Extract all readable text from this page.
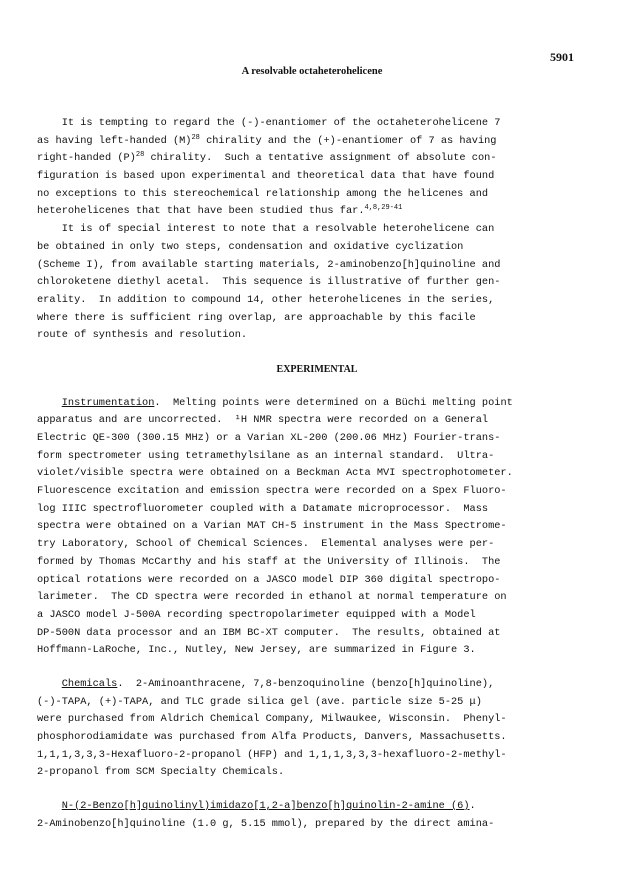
5901
A resolvable octaheterohelicene
It is tempting to regard the (-)-enantiomer of the octaheterohelicene 7
as having left-handed $(M)^{28}$ chirality and the (+)-enantiomer of 7 as having
right-handed $(P)^{28}$ chirality.  Such a tentative assignment of absolute con-
figuration is based upon experimental and theoretical data that have found
no exceptions to this stereochemical relationship among the helicenes and
heterohelicenes that that have been studied thus far.$^{4,8,29-41}$
It is of special interest to note that a resolvable heterohelicene can
be obtained in only two steps, condensation and oxidative cyclization
(Scheme I), from available starting materials, 2-aminobenzo[h]quinoline and
chloroketene diethyl acetal.  This sequence is illustrative of further gen-
erality.  In addition to compound 14, other heterohelicenes in the series,
where there is sufficient ring overlap, are approachable by this facile
route of synthesis and resolution.
EXPERIMENTAL
Instrumentation.  Melting points were determined on a Büchi melting point
apparatus and are uncorrected.  ¹H NMR spectra were recorded on a General
Electric QE-300 (300.15 MHz) or a Varian XL-200 (200.06 MHz) Fourier-trans-
form spectrometer using tetramethylsilane as an internal standard.  Ultra-
violet/visible spectra were obtained on a Beckman Acta MVI spectrophotometer.
Fluorescence excitation and emission spectra were recorded on a Spex Fluoro-
log IIIC spectrofluorometer coupled with a Datamate microprocessor.  Mass
spectra were obtained on a Varian MAT CH-5 instrument in the Mass Spectrome-
try Laboratory, School of Chemical Sciences.  Elemental analyses were per-
formed by Thomas McCarthy and his staff at the University of Illinois.  The
optical rotations were recorded on a JASCO model DIP 360 digital spectropo-
larimeter.  The CD spectra were recorded in ethanol at normal temperature on
a JASCO model J-500A recording spectropolarimeter equipped with a Model
DP-500N data processor and an IBM BC-XT computer.  The results, obtained at
Hoffmann-LaRoche, Inc., Nutley, New Jersey, are summarized in Figure 3.
Chemicals.  2-Aminoanthracene, 7,8-benzoquinoline (benzo[h]quinoline),
(-)-TAPA, (+)-TAPA, and TLC grade silica gel (ave. particle size 5-25 μ)
were purchased from Aldrich Chemical Company, Milwaukee, Wisconsin.  Phenyl-
phosphorodiamidate was purchased from Alfa Products, Danvers, Massachusetts.
1,1,1,3,3,3-Hexafluoro-2-propanol (HFP) and 1,1,1,3,3,3-hexafluoro-2-methyl-
2-propanol from SCM Specialty Chemicals.
N-(2-Benzo[h]quinolinyl)imidazo[1,2-a]benzo[h]quinolin-2-amine (6).
2-Aminobenzo[h]quinoline (1.0 g, 5.15 mmol), prepared by the direct amina-
